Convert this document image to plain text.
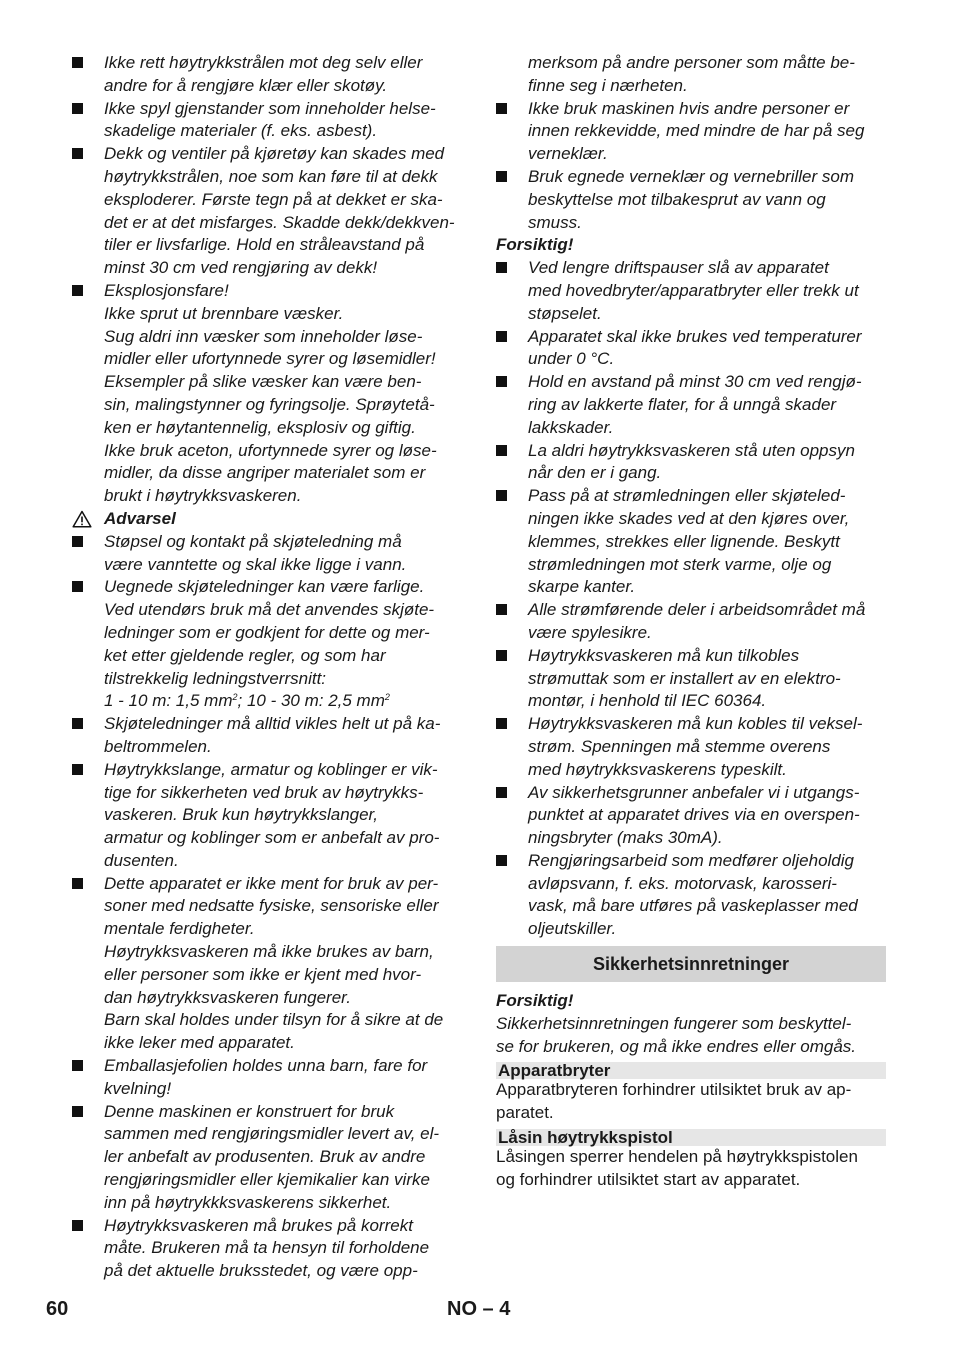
Ikke rett høytrykkstrålen mot deg selv eller
andre for å rengjøre klær eller skotøy.
Ikke spyl gjenstander som inneholder helse-
skadelige materialer (f. eks. asbest).
Dekk og ventiler på kjøretøy kan skades med
høytrykkstrålen, noe som kan føre til at dekk
eksploderer. Første tegn på at dekket er ska-
det er at det misfarges. Skadde dekk/dekkven-
tiler er livsfarlige. Hold en stråleavstand på
minst 30 cm ved rengjøring av dekk!
Eksplosjonsfare!
Ikke sprut ut brennbare væsker.
Sug aldri inn væsker som inneholder løse-
midler eller ufortynnede syrer og løsemidler!
Eksempler på slike væsker kan være ben-
sin, malingstynner og fyringsolje. Sprøytetå-
ken er høytantennelig, eksplosiv og giftig.
Ikke bruk aceton, ufortynnede syrer og løse-
midler, da disse angriper materialet som er
brukt i høytrykksvaskeren.
Advarsel
Støpsel og kontakt på skjøteledning må
være vanntette og skal ikke ligge i vann.
Uegnede skjøteledninger kan være farlige.
Ved utendørs bruk må det anvendes skjøte-
ledninger som er godkjent for dette og mer-
ket etter gjeldende regler, og som har
tilstrekkelig ledningstverrsnitt:
1 - 10 m: 1,5 $mm^2$; 10 - 30 m: 2,5 $mm^2$
Skjøteledninger må alltid vikles helt ut på ka-
beltrommelen.
Høytrykkslange, armatur og koblinger er vik-
tige for sikkerheten ved bruk av høytrykks-
vaskeren. Bruk kun høytrykkslanger,
armatur og koblinger som er anbefalt av pro-
dusenten.
Dette apparatet er ikke ment for bruk av per-
soner med nedsatte fysiske, sensoriske eller
mentale ferdigheter.
Høytrykksvaskeren må ikke brukes av barn,
eller personer som ikke er kjent med hvor-
dan høytrykksvaskeren fungerer.
Barn skal holdes under tilsyn for å sikre at de
ikke leker med apparatet.
Emballasjefolien holdes unna barn, fare for
kvelning!
Denne maskinen er konstruert for bruk
sammen med rengjøringsmidler levert av, el-
ler anbefalt av produsenten. Bruk av andre
rengjøringsmidler eller kjemikalier kan virke
inn på høytrykkksvaskerens sikkerhet.
Høytrykksvaskeren må brukes på korrekt
måte. Brukeren må ta hensyn til forholdene
på det aktuelle bruksstedet, og være opp-
merksom på andre personer som måtte be-
finne seg i nærheten.
Ikke bruk maskinen hvis andre personer er
innen rekkevidde, med mindre de har på seg
verneklær.
Bruk egnede verneklær og vernebriller som
beskyttelse mot tilbakesprut av vann og
smuss.
Forsiktig!
Ved lengre driftspauser slå av apparatet
med hovedbryter/apparatbryter eller trekk ut
støpselet.
Apparatet skal ikke brukes ved temperaturer
under 0 °C.
Hold en avstand på minst 30 cm ved rengjø-
ring av lakkerte flater, for å unngå skader
lakkskader.
La aldri høytrykksvaskeren stå uten oppsyn
når den er i gang.
Pass på at strømledningen eller skjøteled-
ningen ikke skades ved at den kjøres over,
klemmes, strekkes eller lignende. Beskytt
strømledningen mot sterk varme, olje og
skarpe kanter.
Alle strømførende deler i arbeidsområdet må
være spylesikre.
Høytrykksvaskeren må kun tilkobles
strømuttak som er installert av en elektro-
montør, i henhold til IEC 60364.
Høytrykksvaskeren må kun kobles til veksel-
strøm. Spenningen må stemme overens
med høytrykksvaskerens typeskilt.
Av sikkerhetsgrunner anbefaler vi i utgangs-
punktet at apparatet drives via en overspen-
ningsbryter (maks 30mA).
Rengjøringsarbeid som medfører oljeholdig
avløpsvann, f. eks. motorvask, karosseri-
vask, må bare utføres på vaskeplasser med
oljeutskiller.
Sikkerhetsinnretninger
Forsiktig!
Sikkerhetsinnretningen fungerer som beskyttel-
se for brukeren, og må ikke endres eller omgås.
Apparatbryter
Apparatbryteren forhindrer utilsiktet bruk av ap-
paratet.
Låsin høytrykkspistol
Låsingen sperrer hendelen på høytrykkspistolen
og forhindrer utilsiktet start av apparatet.
60	NO – 4
